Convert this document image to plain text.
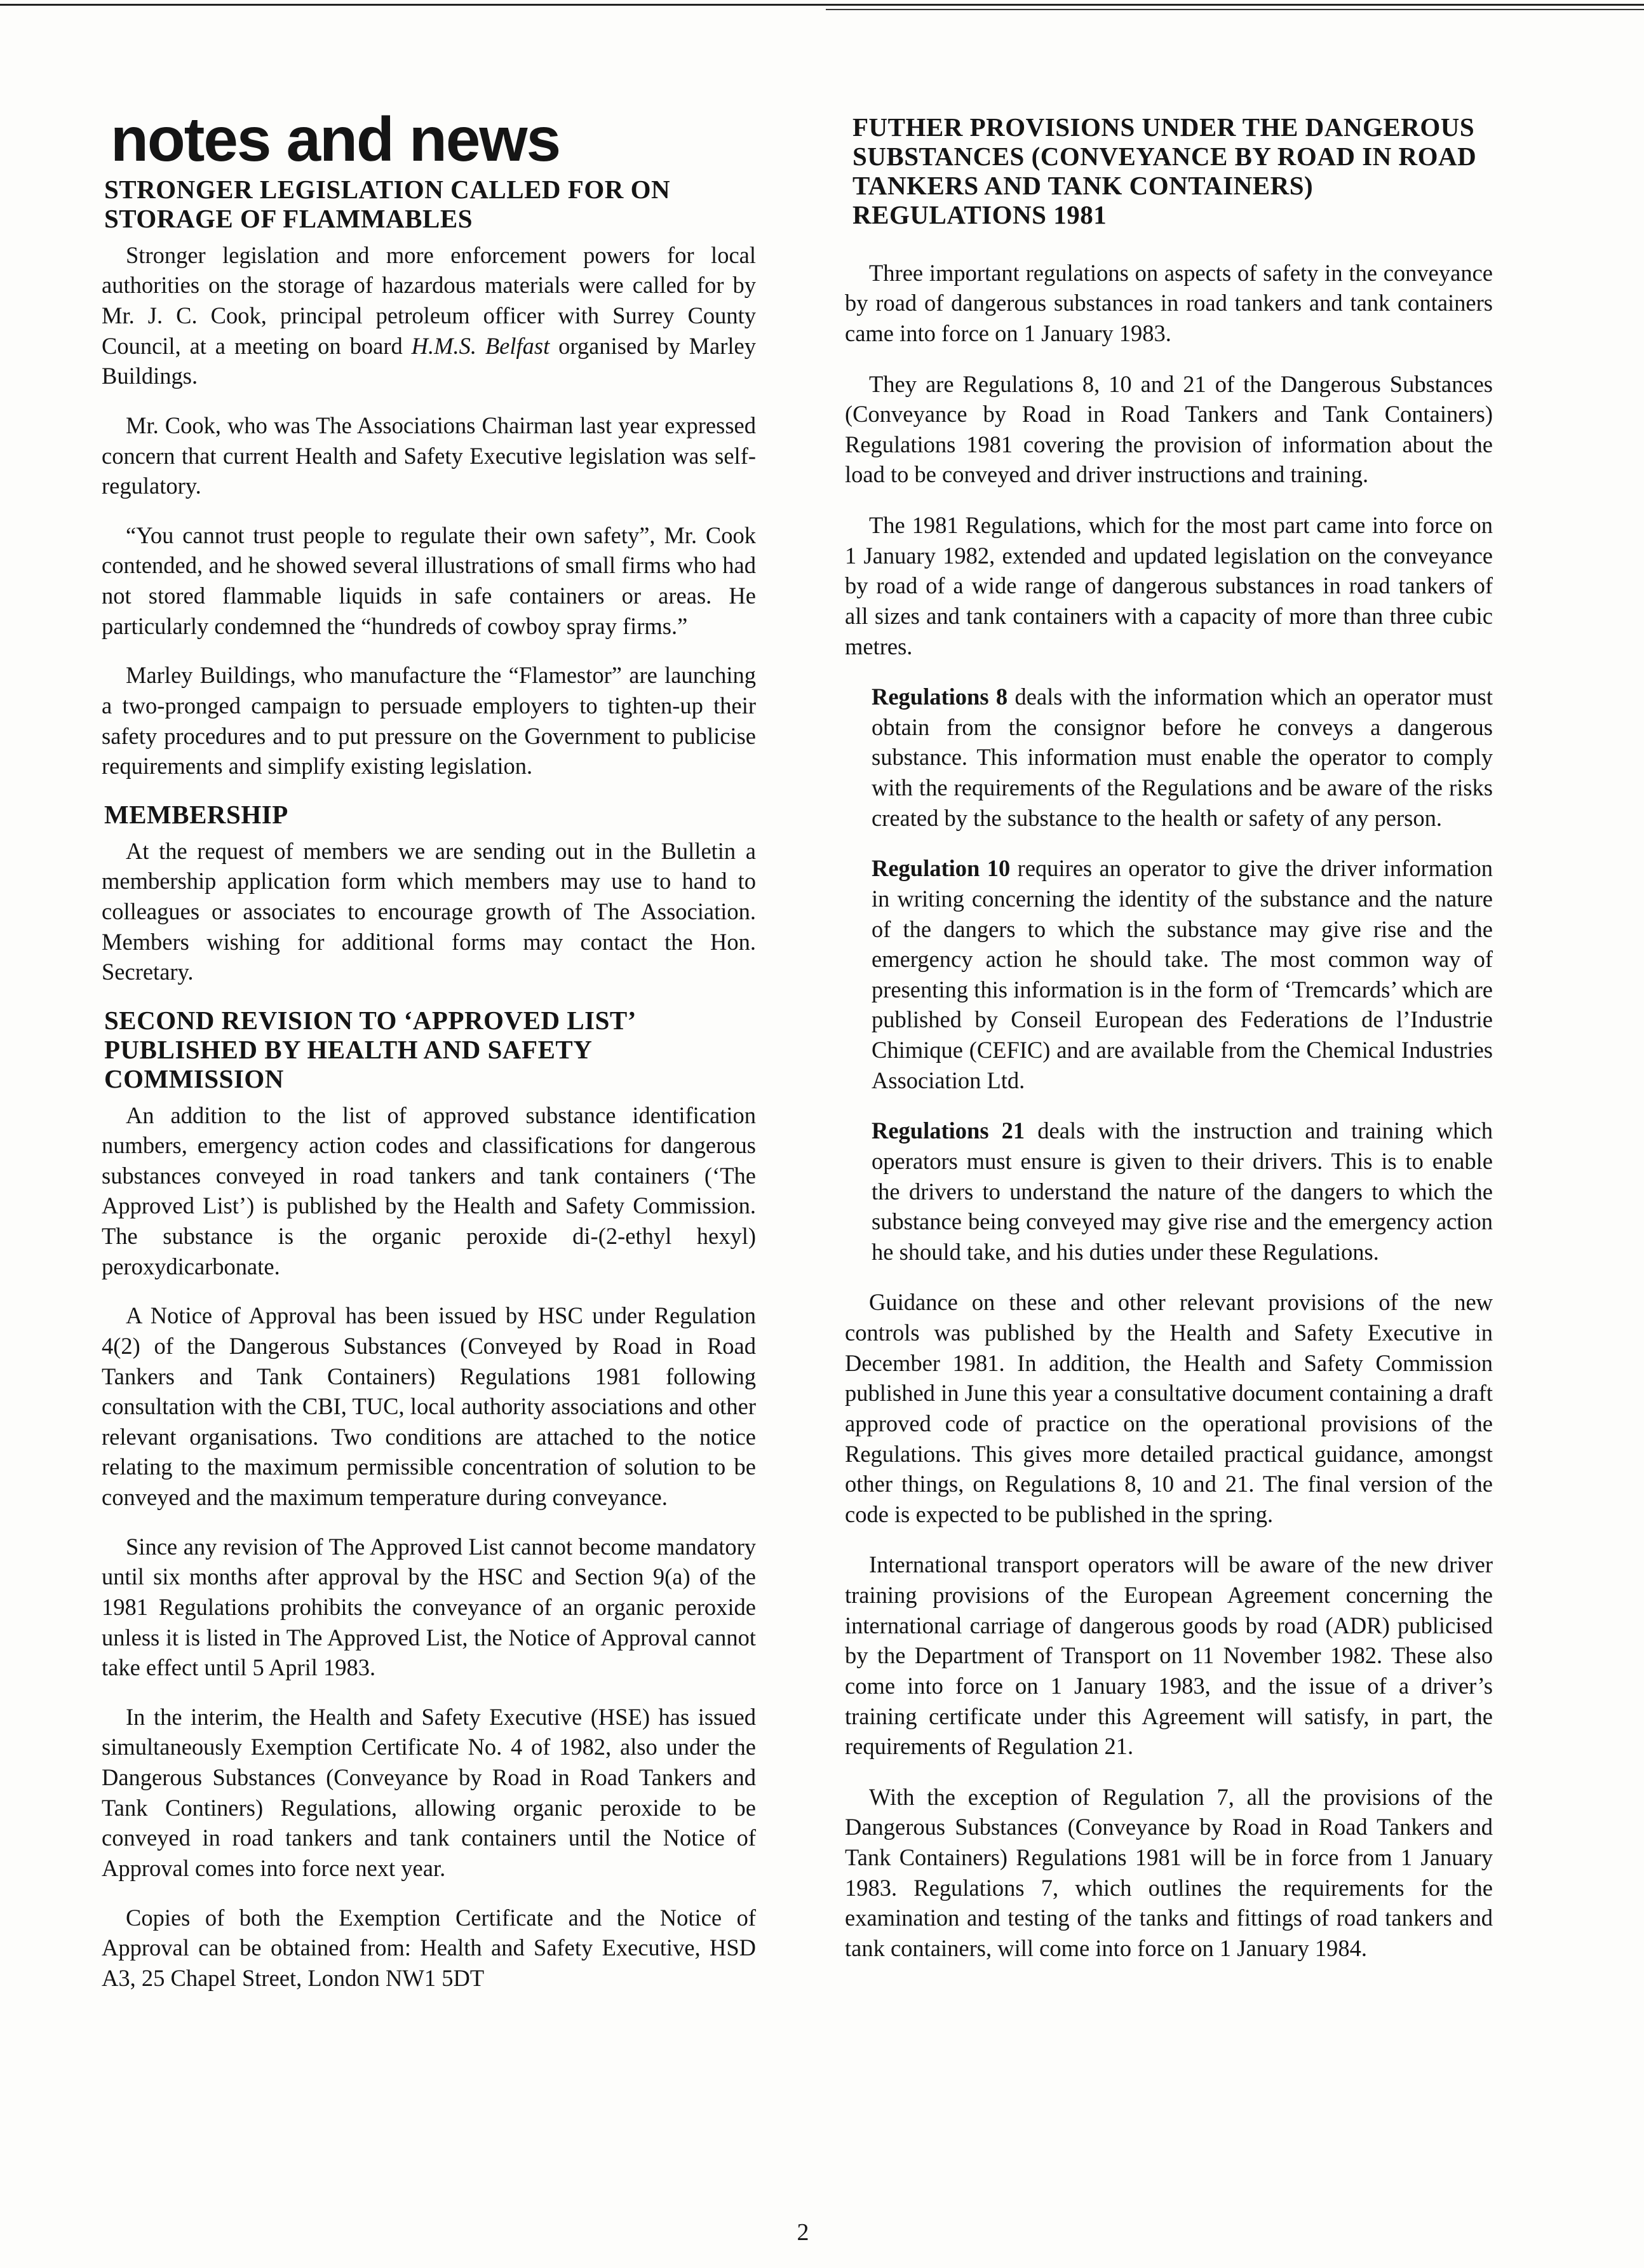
notes and news
STRONGER LEGISLATION CALLED FOR ON STORAGE OF FLAMMABLES

Stronger legislation and more enforcement powers for local authorities on the storage of hazardous materials were called for by Mr. J. C. Cook, principal petroleum officer with Surrey County Council, at a meeting on board H.M.S. Belfast organised by Marley Buildings.

Mr. Cook, who was The Associations Chairman last year expressed concern that current Health and Safety Executive legislation was self-regulatory.

“You cannot trust people to regulate their own safety”, Mr. Cook contended, and he showed several illustrations of small firms who had not stored flammable liquids in safe containers or areas. He particularly condemned the “hundreds of cowboy spray firms.”

Marley Buildings, who manufacture the “Flamestor” are launching a two-pronged campaign to persuade employers to tighten-up their safety procedures and to put pressure on the Government to publicise requirements and simplify existing legislation.

MEMBERSHIP

At the request of members we are sending out in the Bulletin a membership application form which members may use to hand to colleagues or associates to encourage growth of The Association. Members wishing for additional forms may contact the Hon. Secretary.

SECOND REVISION TO ‘APPROVED LIST’ PUBLISHED BY HEALTH AND SAFETY COMMISSION

An addition to the list of approved substance identification numbers, emergency action codes and classifications for dangerous substances conveyed in road tankers and tank containers (‘The Approved List’) is published by the Health and Safety Commission. The substance is the organic peroxide di-(2-ethyl hexyl) peroxydicarbonate.

A Notice of Approval has been issued by HSC under Regulation 4(2) of the Dangerous Substances (Conveyed by Road in Road Tankers and Tank Containers) Regulations 1981 following consultation with the CBI, TUC, local authority associations and other relevant organisations. Two conditions are attached to the notice relating to the maximum permissible concentration of solution to be conveyed and the maximum temperature during conveyance.

Since any revision of The Approved List cannot become mandatory until six months after approval by the HSC and Section 9(a) of the 1981 Regulations prohibits the conveyance of an organic peroxide unless it is listed in The Approved List, the Notice of Approval cannot take effect until 5 April 1983.

In the interim, the Health and Safety Executive (HSE) has issued simultaneously Exemption Certificate No. 4 of 1982, also under the Dangerous Substances (Conveyance by Road in Road Tankers and Tank Continers) Regulations, allowing organic peroxide to be conveyed in road tankers and tank containers until the Notice of Approval comes into force next year.

Copies of both the Exemption Certificate and the Notice of Approval can be obtained from: Health and Safety Executive, HSD A3, 25 Chapel Street, London NW1 5DT

FUTHER PROVISIONS UNDER THE DANGEROUS SUBSTANCES (CONVEYANCE BY ROAD IN ROAD TANKERS AND TANK CONTAINERS) REGULATIONS 1981

Three important regulations on aspects of safety in the conveyance by road of dangerous substances in road tankers and tank containers came into force on 1 January 1983.

They are Regulations 8, 10 and 21 of the Dangerous Substances (Conveyance by Road in Road Tankers and Tank Containers) Regulations 1981 covering the provision of information about the load to be conveyed and driver instructions and training.

The 1981 Regulations, which for the most part came into force on 1 January 1982, extended and updated legislation on the conveyance by road of a wide range of dangerous substances in road tankers of all sizes and tank containers with a capacity of more than three cubic metres.

Regulations 8 deals with the information which an operator must obtain from the consignor before he conveys a dangerous substance. This information must enable the operator to comply with the requirements of the Regulations and be aware of the risks created by the substance to the health or safety of any person.

Regulation 10 requires an operator to give the driver information in writing concerning the identity of the substance and the nature of the dangers to which the substance may give rise and the emergency action he should take. The most common way of presenting this information is in the form of ‘Tremcards’ which are published by Conseil European des Federations de l’Industrie Chimique (CEFIC) and are available from the Chemical Industries Association Ltd.

Regulations 21 deals with the instruction and training which operators must ensure is given to their drivers. This is to enable the drivers to understand the nature of the dangers to which the substance being conveyed may give rise and the emergency action he should take, and his duties under these Regulations.

Guidance on these and other relevant provisions of the new controls was published by the Health and Safety Executive in December 1981. In addition, the Health and Safety Commission published in June this year a consultative document containing a draft approved code of practice on the operational provisions of the Regulations. This gives more detailed practical guidance, amongst other things, on Regulations 8, 10 and 21. The final version of the code is expected to be published in the spring.

International transport operators will be aware of the new driver training provisions of the European Agreement concerning the international carriage of dangerous goods by road (ADR) publicised by the Department of Transport on 11 November 1982. These also come into force on 1 January 1983, and the issue of a driver’s training certificate under this Agreement will satisfy, in part, the requirements of Regulation 21.

With the exception of Regulation 7, all the provisions of the Dangerous Substances (Conveyance by Road in Road Tankers and Tank Containers) Regulations 1981 will be in force from 1 January 1983. Regulations 7, which outlines the requirements for the examination and testing of the tanks and fittings of road tankers and tank containers, will come into force on 1 January 1984.

2
